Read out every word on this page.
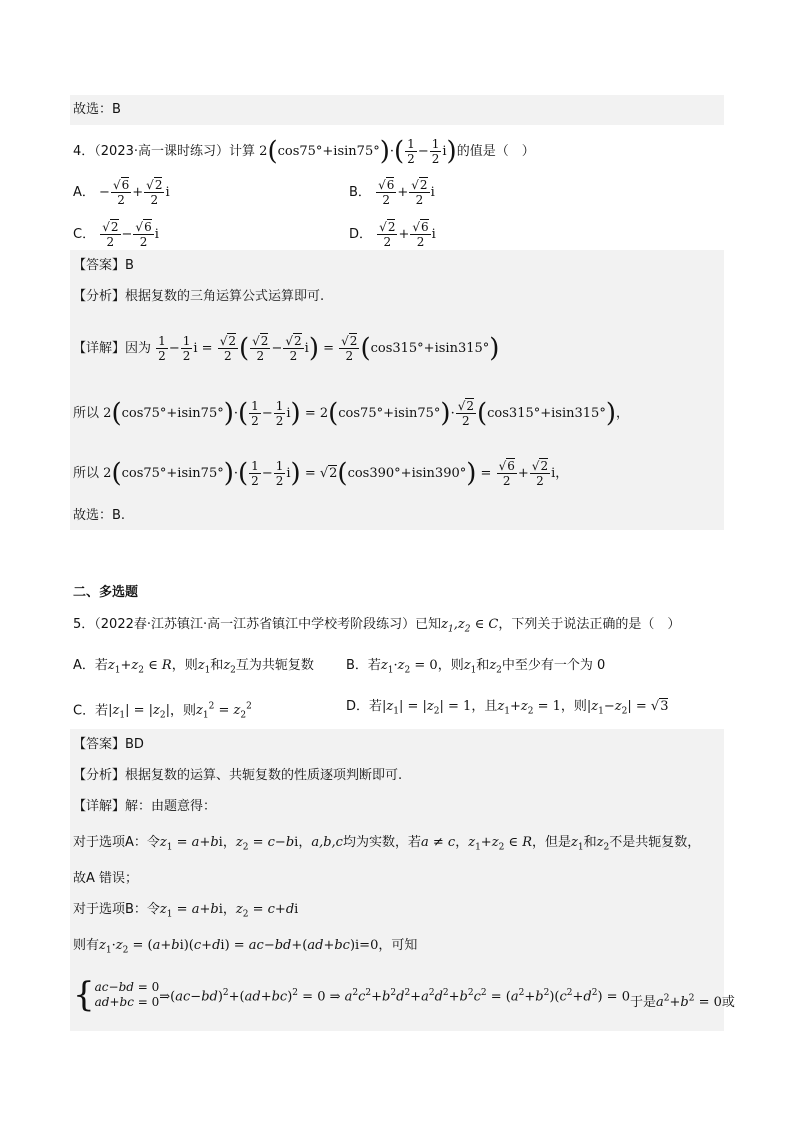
故选：B
4．（2023·高一课时练习）计算 $2(\cos 75^\circ+isin75^\circ)\cdot( \frac{1}{2} - \frac{1}{2} i)$的值是（　）
A． − $\frac{√6}{2} + \frac{√2}{2}$ i	B． $\frac{√6}{2} + \frac{√2}{2}$ i
C． $\frac{√2}{2} - \frac{√6}{2}$ i	D． $\frac{√2}{2} + \frac{√6}{2}$ i
【答案】B
【分析】根据复数的三角运算公式运算即可.
【详解】因为 $\frac{1}{2} - \frac{1}{2}$ $i = \frac{√2}{2}$ ( $\frac{√2}{2} - \frac{√2}{2} i) = \frac{√2}{2} (\cos 315^\circ+isin315^\circ)$
所以 $2(\cos 75^\circ+isin75^\circ)\cdot( \frac{1}{2} - \frac{1}{2} i) = 2(\cos 75^\circ+isin75^\circ)\cdot \frac{√2}{2} (\cos 315^\circ+isin315^\circ)$，
所以 $2(\cos 75^\circ+isin75^\circ)\cdot( \frac{1}{2} - \frac{1}{2} i) = √2(\cos 390^\circ+isin390^\circ) = \frac{√6}{2} + \frac{√2}{2}$ i，
故选：B.
二、多选题
5．（2022春·江苏镇江·高一江苏省镇江中学校考阶段练习）已知$z_1,z_2$ ∈ C，下列关于说法正确的是（　）
A．若$z_1+z_2$ ∈ R，则$z_1$和$z_2$互为共轭复数 B．若$z_1\cdot z_2 = 0$，则$z_1$和$z_2$中至少有一个为 0
C．若$|z_1| = |z_2|$，则$z_1^2 = z_2^2$	D．若$|z_1| = |z_2| = 1$，且$z_1+z_2 = 1$，则$|z_1-z_2| = √3$
【答案】BD
【分析】根据复数的运算、共轭复数的性质逐项判断即可.
【详解】解：由题意得：
对于选项A：令$z_1 = a+bi$，$z_2 = c-bi$，a,b,c均为实数，若a ≠ c，$z_1+z_2$ ∈ R，但是$z_1$和$z_2$不是共轭复数，
故A 错误；
对于选项B：令$z_1 = a+bi$，$z_2 = c+di$
则有$z_1\cdot z_2 = (a+bi)(c+di) = ac-bd+(ad+bc)i=0$，可知
{ ac−bd = 0
ad+bc = 0 $\Rightarrow(ac-bd)^2+(ad+bc)^2 = 0$ ⇒ $a^2c^2+b^2d^2+a^2d^2+b^2c^2 = (a^2+b^2)(c^2+d^2) = 0$ 于是$a^2+b^2 = 0$或
